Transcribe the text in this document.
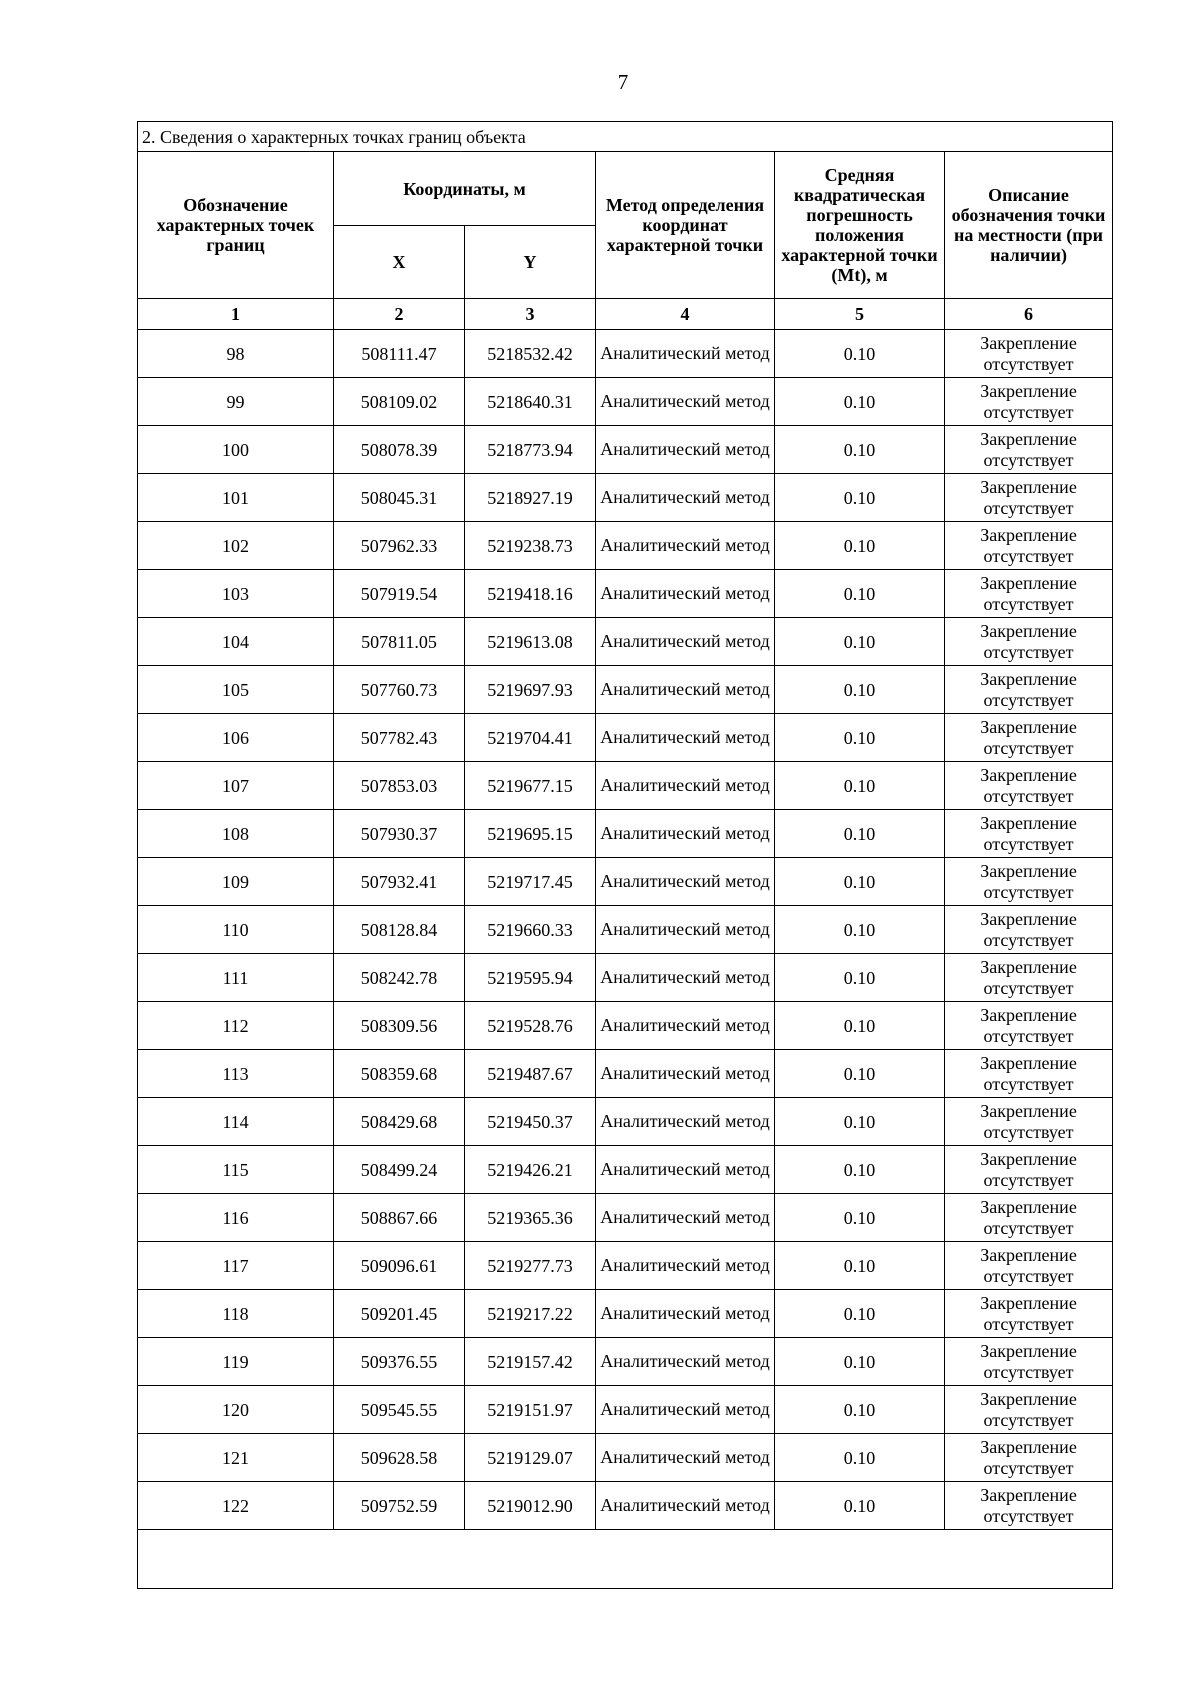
7
2. Сведения о характерных точках границ объекта					
Обозначение характерных точек границ	Координаты, м		Метод определения координат характерной точки	Средняя квадратическая погрешность положения характерной точки (Mt), м	Описание обозначения точки на местности (при наличии)
	X	Y			
1	2	3	4	5	6
98	508111.47	5218532.42	Аналитический метод	0.10	Закрепление отсутствует
99	508109.02	5218640.31	Аналитический метод	0.10	Закрепление отсутствует
100	508078.39	5218773.94	Аналитический метод	0.10	Закрепление отсутствует
101	508045.31	5218927.19	Аналитический метод	0.10	Закрепление отсутствует
102	507962.33	5219238.73	Аналитический метод	0.10	Закрепление отсутствует
103	507919.54	5219418.16	Аналитический метод	0.10	Закрепление отсутствует
104	507811.05	5219613.08	Аналитический метод	0.10	Закрепление отсутствует
105	507760.73	5219697.93	Аналитический метод	0.10	Закрепление отсутствует
106	507782.43	5219704.41	Аналитический метод	0.10	Закрепление отсутствует
107	507853.03	5219677.15	Аналитический метод	0.10	Закрепление отсутствует
108	507930.37	5219695.15	Аналитический метод	0.10	Закрепление отсутствует
109	507932.41	5219717.45	Аналитический метод	0.10	Закрепление отсутствует
110	508128.84	5219660.33	Аналитический метод	0.10	Закрепление отсутствует
111	508242.78	5219595.94	Аналитический метод	0.10	Закрепление отсутствует
112	508309.56	5219528.76	Аналитический метод	0.10	Закрепление отсутствует
113	508359.68	5219487.67	Аналитический метод	0.10	Закрепление отсутствует
114	508429.68	5219450.37	Аналитический метод	0.10	Закрепление отсутствует
115	508499.24	5219426.21	Аналитический метод	0.10	Закрепление отсутствует
116	508867.66	5219365.36	Аналитический метод	0.10	Закрепление отсутствует
117	509096.61	5219277.73	Аналитический метод	0.10	Закрепление отсутствует
118	509201.45	5219217.22	Аналитический метод	0.10	Закрепление отсутствует
119	509376.55	5219157.42	Аналитический метод	0.10	Закрепление отсутствует
120	509545.55	5219151.97	Аналитический метод	0.10	Закрепление отсутствует
121	509628.58	5219129.07	Аналитический метод	0.10	Закрепление отсутствует
122	509752.59	5219012.90	Аналитический метод	0.10	Закрепление отсутствует
